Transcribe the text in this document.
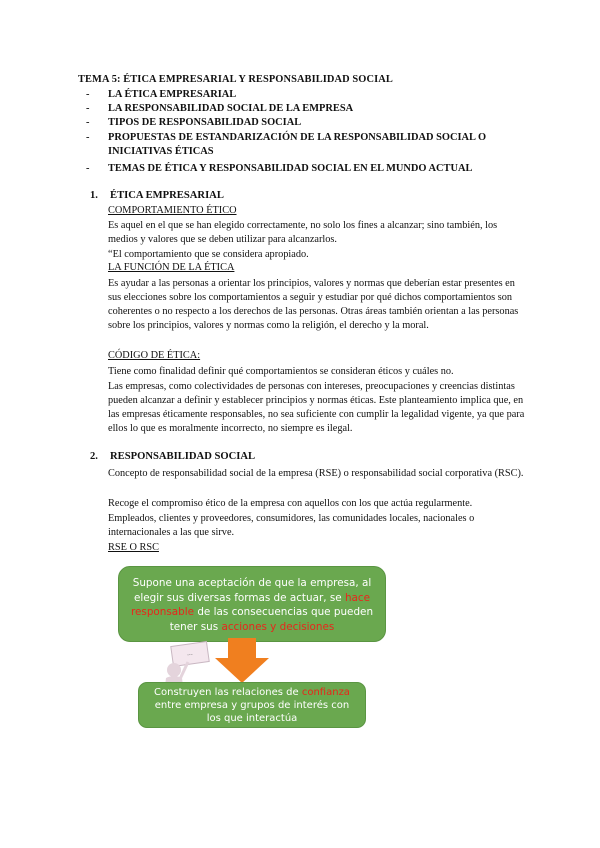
TEMA 5: ÉTICA EMPRESARIAL Y RESPONSABILIDAD SOCIAL
- LA ÉTICA EMPRESARIAL
- LA RESPONSABILIDAD SOCIAL DE LA EMPRESA
- TIPOS DE RESPONSABILIDAD SOCIAL
- PROPUESTAS DE ESTANDARIZACIÓN DE LA RESPONSABILIDAD SOCIAL O INICIATIVAS ÉTICAS
- TEMAS DE ÉTICA Y RESPONSABILIDAD SOCIAL EN EL MUNDO ACTUAL
1. ÉTICA EMPRESARIAL
COMPORTAMIENTO ÉTICO
Es aquel en el que se han elegido correctamente, no solo los fines a alcanzar; sino también, los medios y valores que se deben utilizar para alcanzarlos.
“El comportamiento que se considera apropiado.
LA FUNCIÓN DE LA ÉTICA
Es ayudar a las personas a orientar los principios, valores y normas que deberían estar presentes en sus elecciones sobre los comportamientos a seguir y estudiar por qué dichos comportamientos son coherentes o no respecto a los derechos de las personas. Otras áreas también orientan a las personas sobre los principios, valores y normas como la religión, el derecho y la moral.
CÓDIGO DE ÉTICA:
Tiene como finalidad definir qué comportamientos se consideran éticos y cuáles no.
Las empresas, como colectividades de personas con intereses, preocupaciones y creencias distintas pueden alcanzar a definir y establecer principios y normas éticas. Este planteamiento implica que, en las empresas éticamente responsables, no sea suficiente con cumplir la legalidad vigente, ya que para ellos lo que es moralmente incorrecto, no siempre es ilegal.
2. RESPONSABILIDAD SOCIAL
Concepto de responsabilidad social de la empresa (RSE) o responsabilidad social corporativa (RSC).
Recoge el compromiso ético de la empresa con aquellos con los que actúa regularmente.
Empleados, clientes y proveedores, consumidores, las comunidades locales, nacionales o internacionales a las que sirve.
RSE O RSC
Supone una aceptación de que la empresa, al elegir sus diversas formas de actuar, se hace responsable de las consecuencias que pueden tener sus acciones y decisiones
...
Construyen las relaciones de confianza entre empresa y grupos de interés con los que interactúa
